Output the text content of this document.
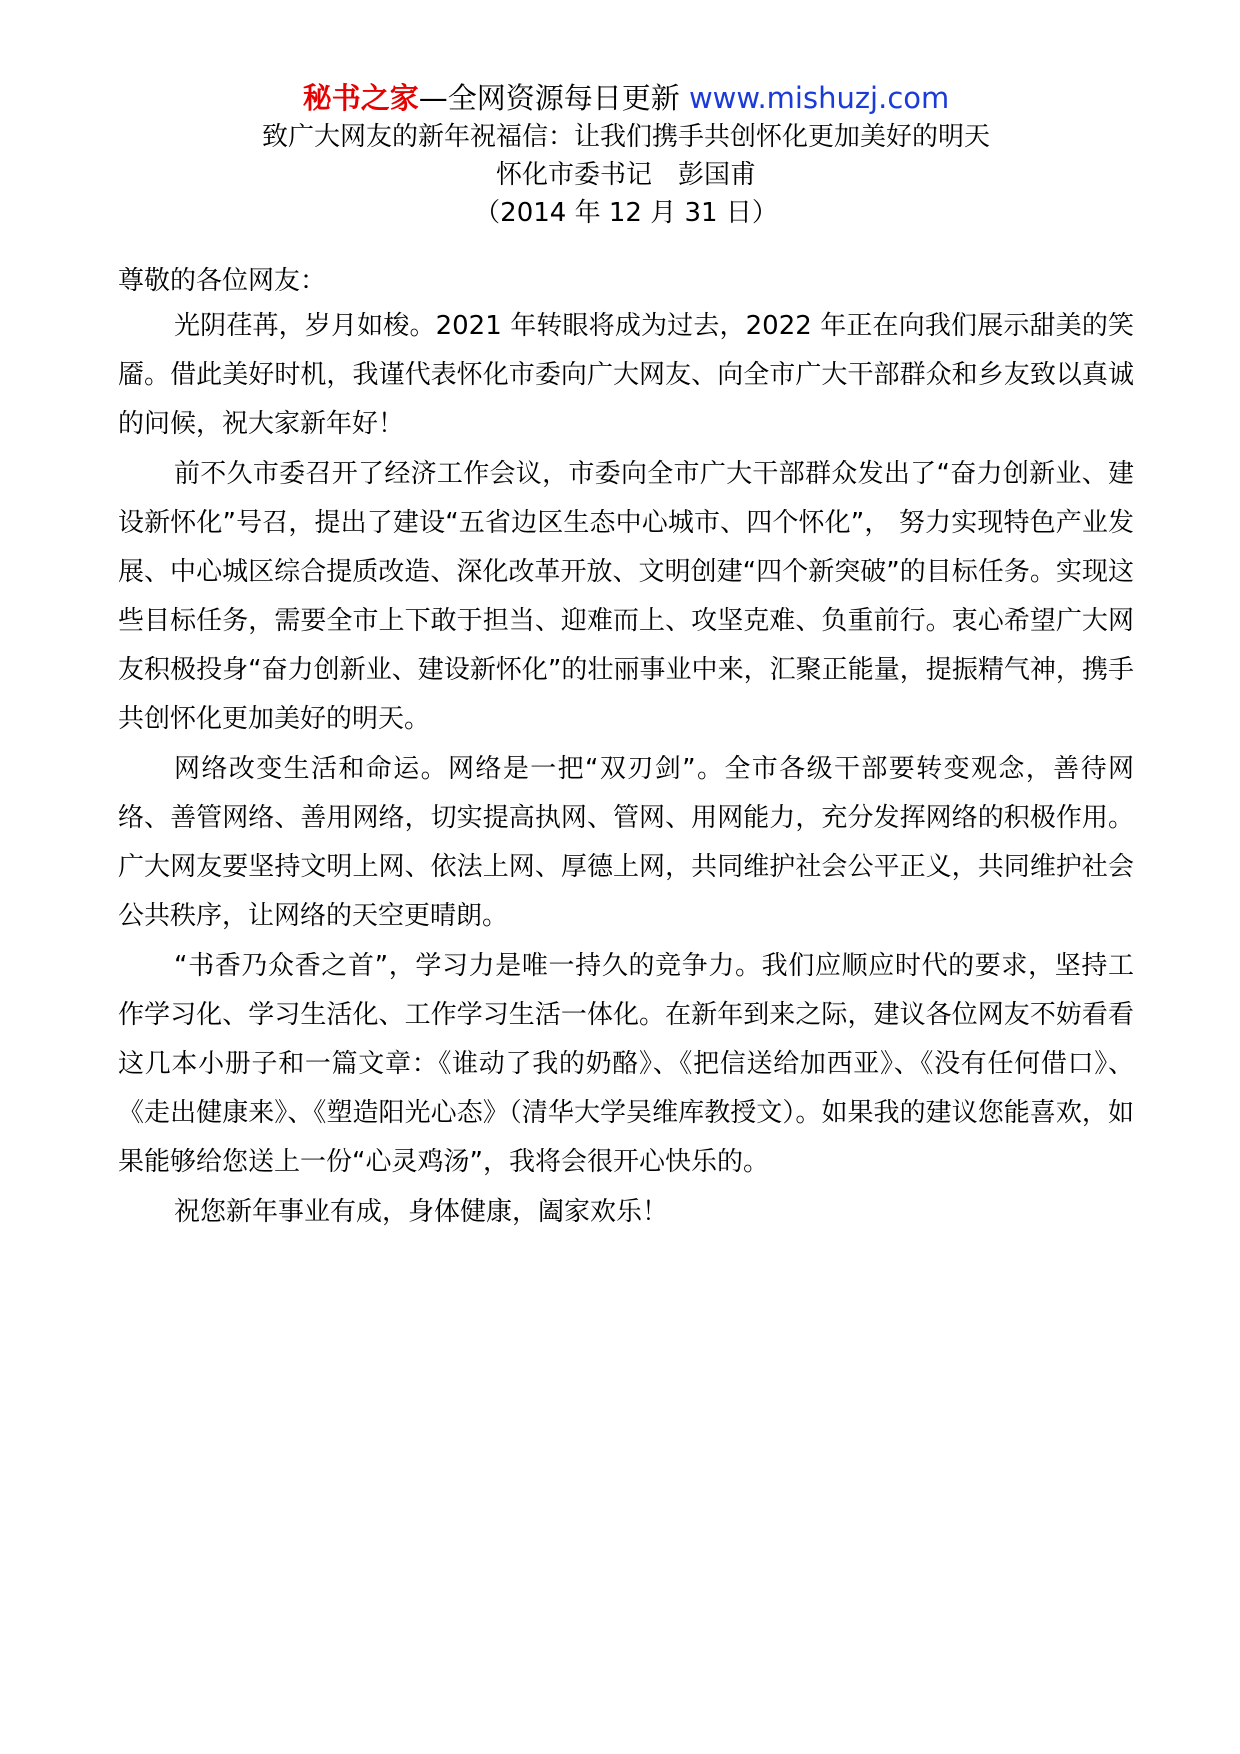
秘书之家—全网资源每日更新 www.mishuzj.com
致广大网友的新年祝福信：让我们携手共创怀化更加美好的明天
怀化市委书记　彭国甫
（2014 年 12 月 31 日）

尊敬的各位网友：

光阴荏苒，岁月如梭。2021 年转眼将成为过去，2022 年正在向我们展示甜美的笑靥。借此美好时机，我谨代表怀化市委向广大网友、向全市广大干部群众和乡友致以真诚的问候，祝大家新年好！

前不久市委召开了经济工作会议，市委向全市广大干部群众发出了“奋力创新业、建设新怀化”号召，提出了建设“五省边区生态中心城市、四个怀化”， 努力实现特色产业发展、中心城区综合提质改造、深化改革开放、文明创建“四个新突破”的目标任务。实现这些目标任务，需要全市上下敢于担当、迎难而上、攻坚克难、负重前行。衷心希望广大网友积极投身“奋力创新业、建设新怀化”的壮丽事业中来，汇聚正能量，提振精气神，携手共创怀化更加美好的明天。

网络改变生活和命运。网络是一把“双刃剑”。全市各级干部要转变观念，善待网络、善管网络、善用网络，切实提高执网、管网、用网能力，充分发挥网络的积极作用。广大网友要坚持文明上网、依法上网、厚德上网，共同维护社会公平正义，共同维护社会公共秩序，让网络的天空更晴朗。

“书香乃众香之首”，学习力是唯一持久的竞争力。我们应顺应时代的要求，坚持工作学习化、学习生活化、工作学习生活一体化。在新年到来之际，建议各位网友不妨看看这几本小册子和一篇文章：《谁动了我的奶酪》、《把信送给加西亚》、《没有任何借口》、《走出健康来》、《塑造阳光心态》（清华大学吴维库教授文）。如果我的建议您能喜欢，如果能够给您送上一份“心灵鸡汤”，我将会很开心快乐的。

祝您新年事业有成，身体健康，阖家欢乐！
